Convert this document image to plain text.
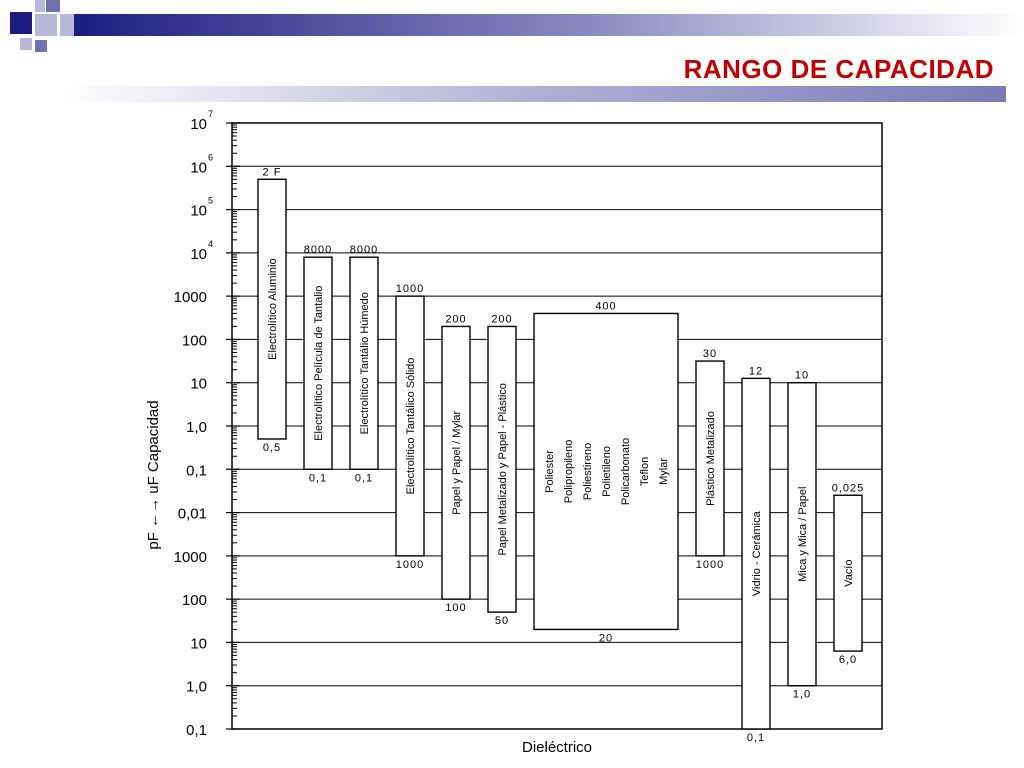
RANGO DE CAPACIDAD
10
7
10
6
10
5
10
4
1000
100
10
1,0
0,1
0,01
1000
100
10
1,0
0,1
Dieléctrico
pF ←→ uF Capacidad
2 F
0,5
Electrolítico Aluminio
8000
0,1
Electrolítico Película de Tantalio
8000
0,1
Electrolítico Tantálio Húmedo
1000
1000
Electrolítico Tantálico Sólido
200
100
Papel y Papel / Mylar
200
50
Papel Metalizado y Papel - Plástico
400
20
Poliester Polipropileno Poliestireno Polietileno Policarbonato Teflon Mylar
30
1000
Plástico Metalizado
12
0,1
Vidrio - Cerámica
10
1,0
Mica y Mica / Papel 0,025
6,0
Vacío
